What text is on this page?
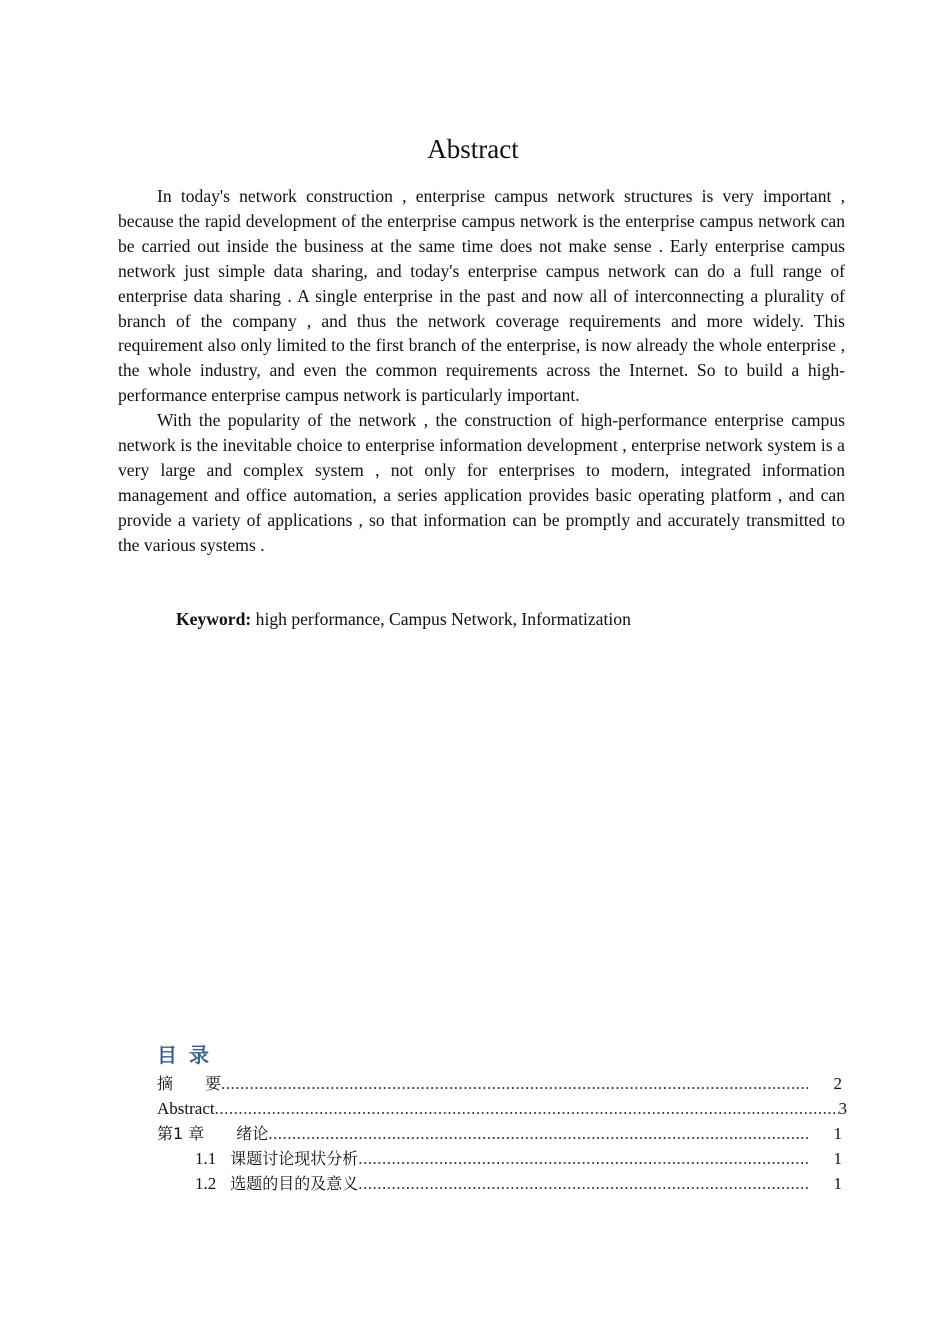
Abstract

In today's network construction , enterprise campus network structures is very important , because the rapid development of the enterprise campus network is the enterprise campus network can be carried out inside the business at the same time does not make sense . Early enterprise campus network just simple data sharing, and today's enterprise campus network can do a full range of enterprise data sharing . A single enterprise in the past and now all of interconnecting a plurality of branch of the company , and thus the network coverage requirements and more widely. This requirement also only limited to the first branch of the enterprise, is now already the whole enterprise , the whole industry, and even the common requirements across the Internet. So to build a high-performance enterprise campus network is particularly important.

With the popularity of the network , the construction of high-performance enterprise campus network is the inevitable choice to enterprise information development , enterprise network system is a very large and complex system , not only for enterprises to modern, integrated information management and office automation, a series application provides basic operating platform , and can provide a variety of applications , so that information can be promptly and accurately transmitted to the various systems .

Keyword: high performance, Campus Network, Informatization
目录
摘　　要 .....	2
Abstract .....	3
第1 章　　绪论 .....	1
1.1 课题讨论现状分析 .....	1
1.2 选题的目的及意义 .....	1
